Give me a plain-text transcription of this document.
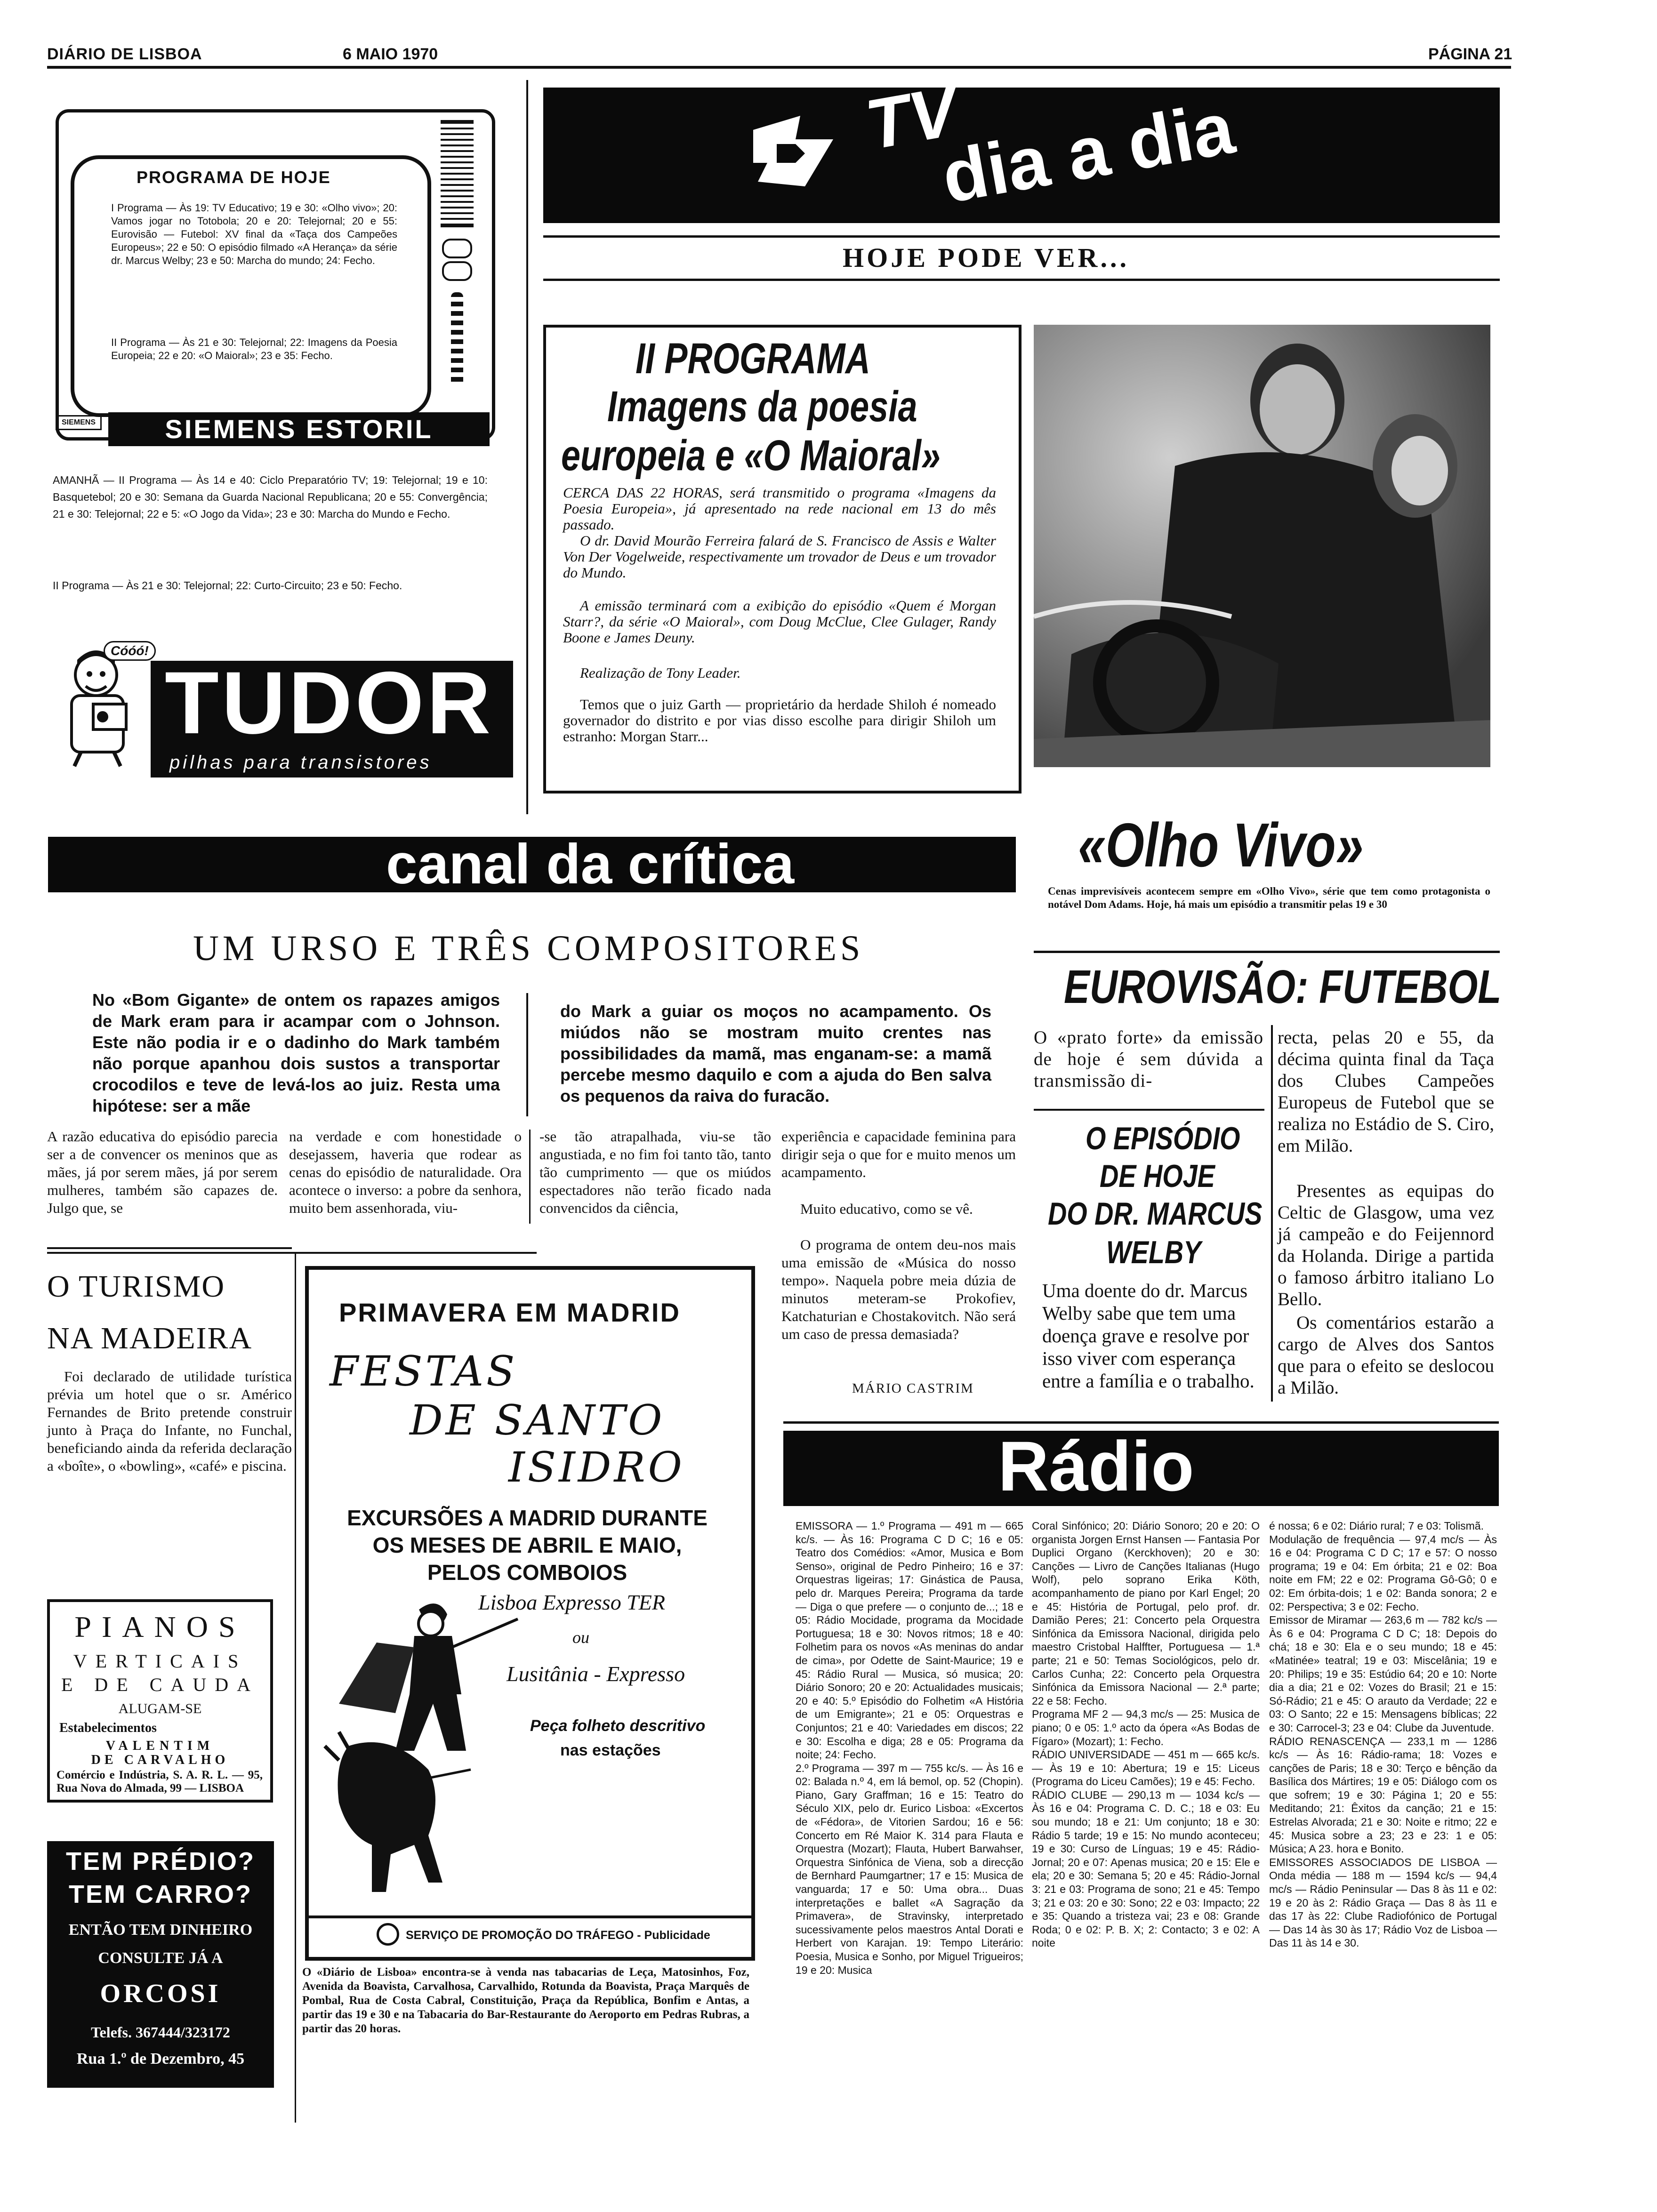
DIÁRIO DE LISBOA	6 MAIO 1970	PÁGINA 21
PROGRAMA DE HOJE
I Programa — Às 19: TV Educativo; 19 e 30: «Olho vivo»; 20: Vamos jogar no Totobola; 20 e 20: Telejornal; 20 e 55: Eurovisão — Futebol: XV final da «Taça dos Campeões Europeus»; 22 e 50: O episódio filmado «A Herança» da série dr. Marcus Welby; 23 e 50: Marcha do mundo; 24: Fecho.
II Programa — Às 21 e 30: Telejornal; 22: Imagens da Poesia Europeia; 22 e 20: «O Maioral»; 23 e 35: Fecho.
SIEMENS	SIEMENS ESTORIL
AMANHÃ — II Programa — Às 14 e 40: Ciclo Preparatório TV; 19: Telejornal; 19 e 10: Basquetebol; 20 e 30: Semana da Guarda Nacional Republicana; 20 e 55: Convergência; 21 e 30: Telejornal; 22 e 5: «O Jogo da Vida»; 23 e 30: Marcha do Mundo e Fecho.
II Programa — Às 21 e 30: Telejornal; 22: Curto-Circuito; 23 e 50: Fecho.
Cóóó!
TUDOR
pilhas para transistores
TV
dia a dia
HOJE PODE VER...
II PROGRAMA
Imagens da poesia
europeia e «O Maioral»
CERCA DAS 22 HORAS, será transmitido o programa «Imagens da Poesia Europeia», já apresentado na rede nacional em 13 do mês passado.
O dr. David Mourão Ferreira falará de S. Francisco de Assis e Walter Von Der Vogelweide, respectivamente um trovador de Deus e um trovador do Mundo.
A emissão terminará com a exibição do episódio «Quem é Morgan Starr?, da série «O Maioral», com Doug McClue, Clee Gulager, Randy Boone e James Deuny.
Realização de Tony Leader.
Temos que o juiz Garth — proprietário da herdade Shiloh é nomeado governador do distrito e por vias disso escolhe para dirigir Shiloh um estranho: Morgan Starr...
«Olho Vivo»
Cenas imprevisíveis acontecem sempre em «Olho Vivo», série que tem como protagonista o notável Dom Adams. Hoje, há mais um episódio a transmitir pelas 19 e 30
canal da crítica
UM URSO E TRÊS COMPOSITORES
No «Bom Gigante» de ontem os rapazes amigos de Mark eram para ir acampar com o Johnson. Este não podia ir e o dadinho do Mark também não porque apanhou dois sustos a transportar crocodilos e teve de levá-los ao juiz. Resta uma hipótese: ser a mãe
do Mark a guiar os moços no acampamento. Os miúdos não se mostram muito crentes nas possibilidades da mamã, mas enganam-se: a mamã percebe mesmo daquilo e com a ajuda do Ben salva os pequenos da raiva do furacão.
A razão educativa do episódio parecia ser a de convencer os meninos que as mães, já por serem mães, já por serem mulheres, também são capazes de. Julgo que, se
na verdade e com honestidade o desejassem, haveria que rodear as cenas do episódio de naturalidade. Ora acontece o inverso: a pobre da senhora, muito bem assenhorada, viu-
-se tão atrapalhada, viu-se tão angustiada, e no fim foi tanto tão, tanto tão cumprimento — que os miúdos espectadores não terão ficado nada convencidos da ciência,
experiência e capacidade feminina para dirigir seja o que for e muito menos um acampamento.
Muito educativo, como se vê.
O programa de ontem deu-nos mais uma emissão de «Música do nosso tempo». Naquela pobre meia dúzia de minutos meteram-se Prokofiev, Katchaturian e Chostakovitch. Não será um caso de pressa demasiada?
MÁRIO CASTRIM
EUROVISÃO: FUTEBOL
O «prato forte» da emissão de hoje é sem dúvida a transmissão di-
recta, pelas 20 e 55, da décima quinta final da Taça dos Clubes Campeões Europeus de Futebol que se realiza no Estádio de S. Ciro, em Milão.
Presentes as equipas do Celtic de Glasgow, uma vez já campeão e do Feijennord da Holanda. Dirige a partida o famoso árbitro italiano Lo Bello.
Os comentários estarão a cargo de Alves dos Santos que para o efeito se deslocou a Milão.
O EPISÓDIO
DE HOJE
DO DR. MARCUS
WELBY
Uma doente do dr. Marcus Welby sabe que tem uma doença grave e resolve por isso viver com esperança entre a família e o trabalho.
O TURISMO
NA MADEIRA
Foi declarado de utilidade turística prévia um hotel que o sr. Américo Fernandes de Brito pretende construir junto à Praça do Infante, no Funchal, beneficiando ainda da referida declaração a «boîte», o «bowling», «café» e piscina.
PIANOS
VERTICAIS
E DE CAUDA
ALUGAM-SE
Estabelecimentos
VALENTIM
DE CARVALHO
Comércio e Indústria, S. A. R. L. — 95, Rua Nova do Almada, 99 — LISBOA
TEM PRÉDIO?
TEM CARRO?
ENTÃO TEM DINHEIRO
CONSULTE JÁ A
ORCOSI
Telefs. 367444/323172
Rua 1.º de Dezembro, 45
PRIMAVERA EM MADRID
FESTAS
DE SANTO
ISIDRO
EXCURSÕES A MADRID DURANTE OS MESES DE ABRIL E MAIO, PELOS COMBOIOS
Lisboa Expresso TER
ou
Lusitânia - Expresso
Peça folheto descritivo
nas estações
SERVIÇO DE PROMOÇÃO DO TRÁFEGO - Publicidade
O «Diário de Lisboa» encontra-se à venda nas tabacarias de Leça, Matosinhos, Foz, Avenida da Boavista, Carvalhosa, Carvalhido, Rotunda da Boavista, Praça Marquês de Pombal, Rua de Costa Cabral, Constituição, Praça da República, Bonfim e Antas, a partir das 19 e 30 e na Tabacaria do Bar-Restaurante do Aeroporto em Pedras Rubras, a partir das 20 horas.
Rádio
EMISSORA — 1.º Programa — 491 m — 665 kc/s. — Às 16: Programa C D C; 16 e 05: Teatro dos Comédios: «Amor, Musica e Bom Senso», original de Pedro Pinheiro; 16 e 37: Orquestras ligeiras; 17: Ginástica de Pausa, pelo dr. Marques Pereira; Programa da tarde — Diga o que prefere — o conjunto de...; 18 e 05: Rádio Mocidade, programa da Mocidade Portuguesa; 18 e 30: Novos ritmos; 18 e 40: Folhetim para os novos «As meninas do andar de cima», por Odette de Saint-Maurice; 19 e 45: Rádio Rural — Musica, só musica; 20: Diário Sonoro; 20 e 20: Actualidades musicais; 20 e 40: 5.º Episódio do Folhetim «A História de um Emigrante»; 21 e 05: Orquestras e Conjuntos; 21 e 40: Variedades em discos; 22 e 30: Escolha e diga; 28 e 05: Programa da noite; 24: Fecho.
2.º Programa — 397 m — 755 kc/s. — Às 16 e 02: Balada n.º 4, em lá bemol, op. 52 (Chopin). Piano, Gary Graffman; 16 e 15: Teatro do Século XIX, pelo dr. Eurico Lisboa: «Excertos de «Fédora», de Vitorien Sardou; 16 e 56: Concerto em Ré Maior K. 314 para Flauta e Orquestra (Mozart); Flauta, Hubert Barwahser, Orquestra Sinfónica de Viena, sob a direcção de Bernhard Paumgartner; 17 e 15: Musica de vanguarda; 17 e 50: Uma obra... Duas interpretações e ballet «A Sagração da Primavera», de Stravinsky, interpretado sucessivamente pelos maestros Antal Dorati e Herbert von Karajan. 19: Tempo Literário: Poesia, Musica e Sonho, por Miguel Trigueiros; 19 e 20: Musica
Coral Sinfónico; 20: Diário Sonoro; 20 e 20: O organista Jorgen Ernst Hansen — Fantasia Por Duplici Organo (Kerckhoven); 20 e 30: Canções — Livro de Canções Italianas (Hugo Wolf), pelo soprano Erika Köth, acompanhamento de piano por Karl Engel; 20 e 45: História de Portugal, pelo prof. dr. Damião Peres; 21: Concerto pela Orquestra Sinfónica da Emissora Nacional, dirigida pelo maestro Cristobal Halffter, Portuguesa — 1.ª parte; 21 e 50: Temas Sociológicos, pelo dr. Carlos Cunha; 22: Concerto pela Orquestra Sinfónica da Emissora Nacional — 2.ª parte; 22 e 58: Fecho.
Programa MF 2 — 94,3 mc/s — 25: Musica de piano; 0 e 05: 1.º acto da ópera «As Bodas de Fígaro» (Mozart); 1: Fecho.
RÁDIO UNIVERSIDADE — 451 m — 665 kc/s. — Às 19 e 10: Abertura; 19 e 15: Liceus (Programa do Liceu Camões); 19 e 45: Fecho.
RÁDIO CLUBE — 290,13 m — 1034 kc/s — Às 16 e 04: Programa C. D. C.; 18 e 03: Eu sou mundo; 18 e 21: Um conjunto; 18 e 30: Rádio 5 tarde; 19 e 15: No mundo aconteceu; 19 e 30: Curso de Línguas; 19 e 45: Rádio-Jornal; 20 e 07: Apenas musica; 20 e 15: Ele e ela; 20 e 30: Semana 5; 20 e 45: Rádio-Jornal 3: 21 e 03: Programa de sono; 21 e 45: Tempo 3; 21 e 03: 20 e 30: Sono; 22 e 03: Impacto; 22 e 35: Quando a tristeza vai; 23 e 08: Grande Roda; 0 e 02: P. B. X; 2: Contacto; 3 e 02: A noite
é nossa; 6 e 02: Diário rural; 7 e 03: Tolismã.
Modulação de frequência — 97,4 mc/s — Às 16 e 04: Programa C D C; 17 e 57: O nosso programa; 19 e 04: Em órbita; 21 e 02: Boa noite em FM; 22 e 02: Programa Gô-Gô; 0 e 02: Em órbita-dois; 1 e 02: Banda sonora; 2 e 02: Perspectiva; 3 e 02: Fecho.
Emissor de Miramar — 263,6 m — 782 kc/s — Às 6 e 04: Programa C D C; 18: Depois do chá; 18 e 30: Ela e o seu mundo; 18 e 45: «Matinée» teatral; 19 e 03: Miscelânia; 19 e 20: Philips; 19 e 35: Estúdio 64; 20 e 10: Norte dia a dia; 21 e 02: Vozes do Brasil; 21 e 15: Só-Rádio; 21 e 45: O arauto da Verdade; 22 e 03: O Santo; 22 e 15: Mensagens bíblicas; 22 e 30: Carrocel-3; 23 e 04: Clube da Juventude.
RÁDIO RENASCENÇA — 233,1 m — 1286 kc/s — Às 16: Rádio-rama; 18: Vozes e canções de Paris; 18 e 30: Terço e bênção da Basílica dos Mártires; 19 e 05: Diálogo com os que sofrem; 19 e 30: Página 1; 20 e 55: Meditando; 21: Êxitos da canção; 21 e 15: Estrelas Alvorada; 21 e 30: Noite e ritmo; 22 e 45: Musica sobre a 23; 23 e 23: 1 e 05: Música; A 23. hora e Bonito.
EMISSORES ASSOCIADOS DE LISBOA — Onda média — 188 m — 1594 kc/s — 94,4 mc/s — Rádio Peninsular — Das 8 às 11 e 02: 19 e 20 às 2: Rádio Graça — Das 8 às 11 e das 17 às 22: Clube Radiofónico de Portugal — Das 14 às 30 às 17; Rádio Voz de Lisboa — Das 11 às 14 e 30.
